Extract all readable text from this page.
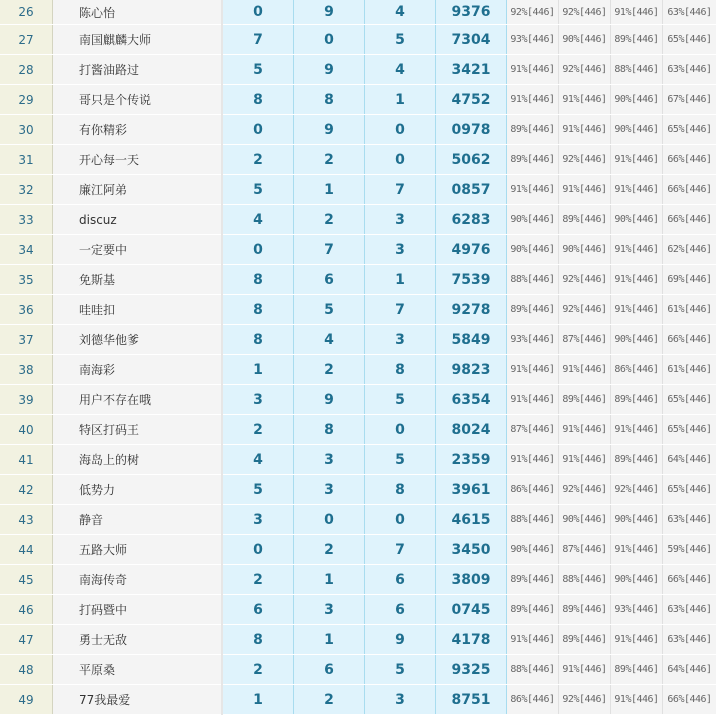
26	陈心怡	0	9	4	9376	92%[446]	92%[446]	91%[446]	63%[446]
27	南国麒麟大师	7	0	5	7304	93%[446]	90%[446]	89%[446]	65%[446]
28	打酱油路过	5	9	4	3421	91%[446]	92%[446]	88%[446]	63%[446]
29	哥只是个传说	8	8	1	4752	91%[446]	91%[446]	90%[446]	67%[446]
30	有你精彩	0	9	0	0978	89%[446]	91%[446]	90%[446]	65%[446]
31	开心每一天	2	2	0	5062	89%[446]	92%[446]	91%[446]	66%[446]
32	廉江阿弟	5	1	7	0857	91%[446]	91%[446]	91%[446]	66%[446]
33	discuz	4	2	3	6283	90%[446]	89%[446]	90%[446]	66%[446]
34	一定要中	0	7	3	4976	90%[446]	90%[446]	91%[446]	62%[446]
35	免斯基	8	6	1	7539	88%[446]	92%[446]	91%[446]	69%[446]
36	哇哇扣	8	5	7	9278	89%[446]	92%[446]	91%[446]	61%[446]
37	刘德华他爹	8	4	3	5849	93%[446]	87%[446]	90%[446]	66%[446]
38	南海彩	1	2	8	9823	91%[446]	91%[446]	86%[446]	61%[446]
39	用户不存在哦	3	9	5	6354	91%[446]	89%[446]	89%[446]	65%[446]
40	特区打码王	2	8	0	8024	87%[446]	91%[446]	91%[446]	65%[446]
41	海岛上的树	4	3	5	2359	91%[446]	91%[446]	89%[446]	64%[446]
42	低势力	5	3	8	3961	86%[446]	92%[446]	92%[446]	65%[446]
43	静音	3	0	0	4615	88%[446]	90%[446]	90%[446]	63%[446]
44	五路大师	0	2	7	3450	90%[446]	87%[446]	91%[446]	59%[446]
45	南海传奇	2	1	6	3809	89%[446]	88%[446]	90%[446]	66%[446]
46	打码暨中	6	3	6	0745	89%[446]	89%[446]	93%[446]	63%[446]
47	勇士无敌	8	1	9	4178	91%[446]	89%[446]	91%[446]	63%[446]
48	平原桑	2	6	5	9325	88%[446]	91%[446]	89%[446]	64%[446]
49	77我最爱	1	2	3	8751	86%[446]	92%[446]	91%[446]	66%[446]
